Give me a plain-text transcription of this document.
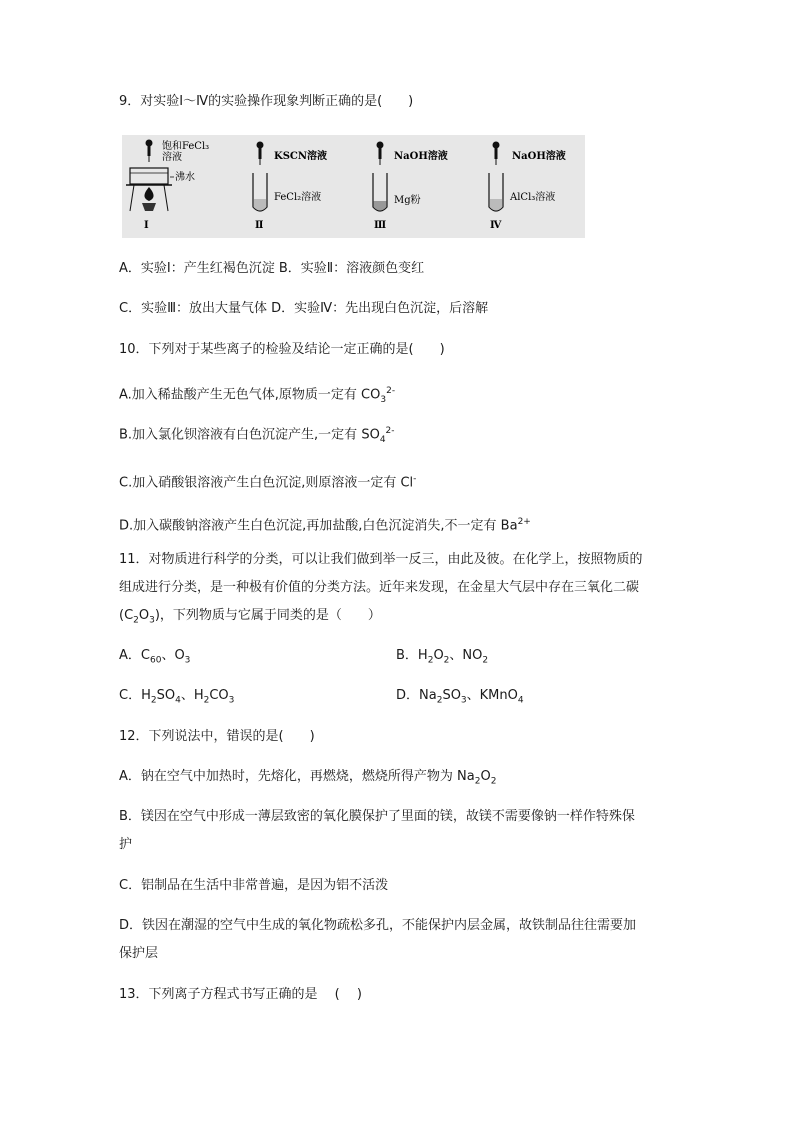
9．对实验Ⅰ～Ⅳ的实验操作现象判断正确的是(　　)
饱和FeCl₃
溶液
沸水
Ⅰ
KSCN溶液
FeCl₂溶液
Ⅱ
NaOH溶液
Mg粉
Ⅲ
NaOH溶液
AlCl₃溶液
Ⅳ
A．实验Ⅰ：产生红褐色沉淀 B．实验Ⅱ：溶液颜色变红
C．实验Ⅲ：放出大量气体 D．实验Ⅳ：先出现白色沉淀，后溶解
10．下列对于某些离子的检验及结论一定正确的是(　　)
A.加入稀盐酸产生无色气体,原物质一定有 $CO_3^{2-}$
B.加入氯化钡溶液有白色沉淀产生,一定有 $SO_4^{2-}$
C.加入硝酸银溶液产生白色沉淀,则原溶液一定有 Cl-
D.加入碳酸钠溶液产生白色沉淀,再加盐酸,白色沉淀消失,不一定有 $Ba^{2+}$
11．对物质进行科学的分类，可以让我们做到举一反三，由此及彼。在化学上，按照物质的
组成进行分类，是一种极有价值的分类方法。近年来发现，在金星大气层中存在三氧化二碳
$(C_2O_3)$，下列物质与它属于同类的是（　　）
A．$C_{60}$、$O_3$	B．$H_2O_2$、$NO_2$
C．$H_2SO_4$、$H_2CO_3$	D．$Na_2SO_3$、KMnO$_4$
12．下列说法中，错误的是(　　)
A．钠在空气中加热时，先熔化，再燃烧，燃烧所得产物为 $Na_2O_2$
B．镁因在空气中形成一薄层致密的氧化膜保护了里面的镁，故镁不需要像钠一样作特殊保
护
C．铝制品在生活中非常普遍，是因为铝不活泼
D．铁因在潮湿的空气中生成的氧化物疏松多孔，不能保护内层金属，故铁制品往往需要加
保护层
13．下列离子方程式书写正确的是　 (　 )
